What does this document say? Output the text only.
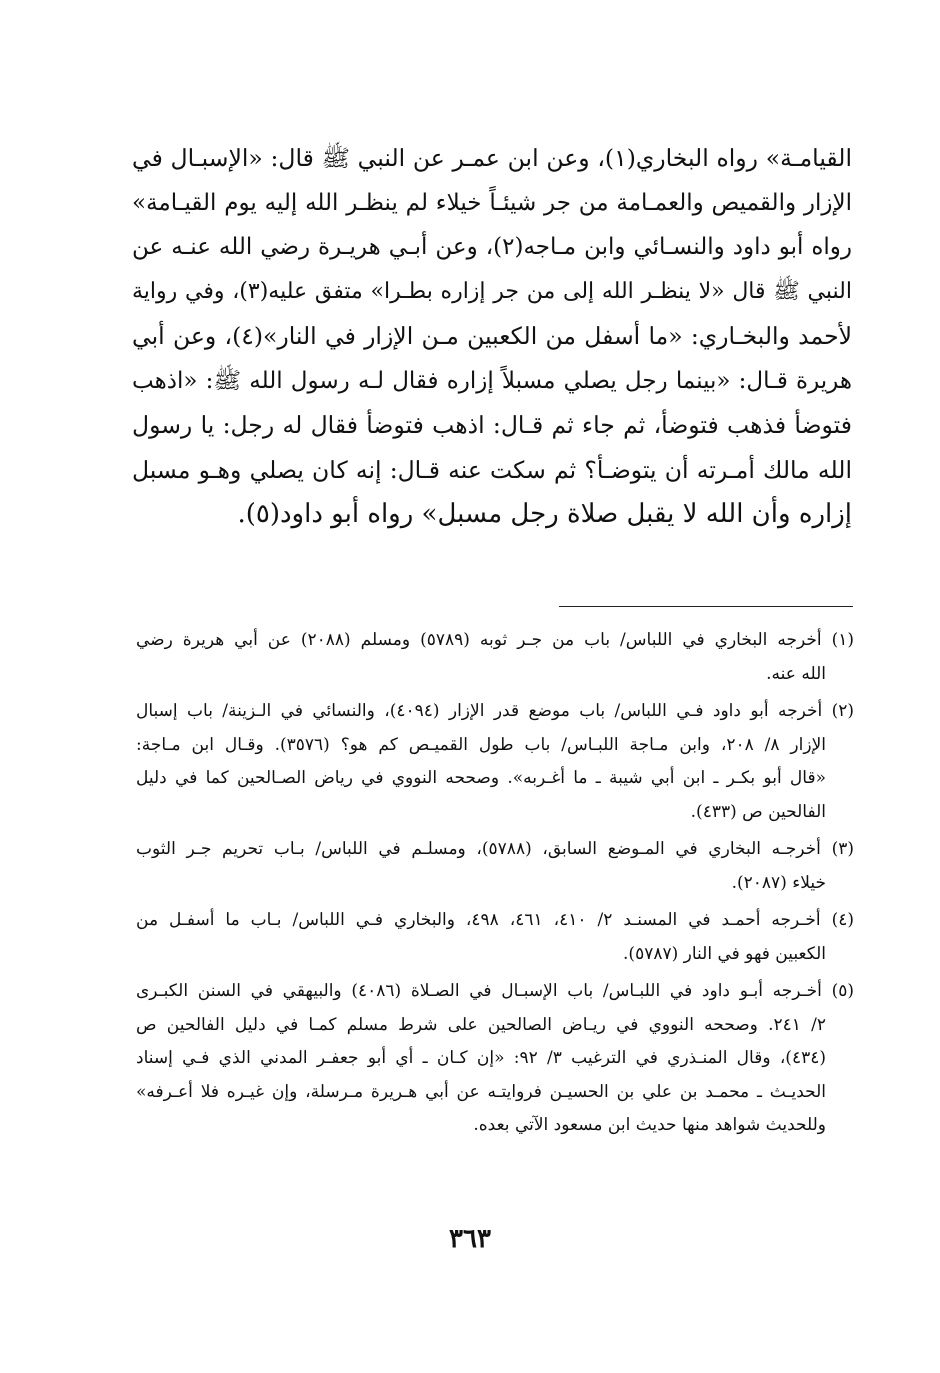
القيامـة» رواه البخاري(١)، وعن ابن عمـر عن النبي ﷺ قال: «الإسبـال في
الإزار والقميص والعمـامة من جر شيئـاً خيلاء لم ينظـر الله إليه يوم القيـامة»
رواه أبو داود والنسـائي وابن مـاجه(٢)، وعن أبـي هريـرة رضي الله عنـه عن
النبي ﷺ قال «لا ينظـر الله إلى من جر إزاره بطـرا» متفق عليه(٣)، وفي رواية
لأحمد والبخـاري: «ما أسفل من الكعبين مـن الإزار في النار»(٤)، وعن أبي
هريرة قـال: «بينما رجل يصلي مسبلاً إزاره فقال لـه رسول الله ﷺ: «اذهب
فتوضأ فذهب فتوضأ، ثم جاء ثم قـال: اذهب فتوضأ فقال له رجل: يا رسول
الله مالك أمـرته أن يتوضـأ؟ ثم سكت عنه قـال: إنه كان يصلي وهـو مسبل
إزاره وأن الله لا يقبل صلاة رجل مسبل» رواه أبو داود(٥).
(١) أخرجه البخاري في اللباس/ باب من جـر ثوبه (٥٧٨٩) ومسلم (٢٠٨٨) عن أبي هريرة رضي
الله عنه.
(٢) أخرجه أبو داود فـي اللباس/ باب موضع قدر الإزار (٤٠٩٤)، والنسائي في الـزينة/ باب إسبال
الإزار ٨/ ٢٠٨، وابن مـاجة اللبـاس/ باب طول القميـص كم هو؟ (٣٥٧٦). وقـال ابن مـاجة:
«قال أبو بكـر ـ ابن أبي شيبة ـ ما أغـربه». وصححه النووي في رياض الصـالحين كما في دليل
الفالحين ص (٤٣٣).
(٣) أخرجـه البخاري في المـوضع السابق، (٥٧٨٨)، ومسلـم في اللباس/ بـاب تحريم جـر الثوب
خيلاء (٢٠٨٧).
(٤) أخـرجه أحمـد في المسنـد ٢/ ٤١٠، ٤٦١، ٤٩٨، والبخاري فـي اللباس/ بـاب ما أسفـل من
الكعبين فهو في النار (٥٧٨٧).
(٥) أخـرجه أبـو داود في اللبـاس/ باب الإسبـال في الصـلاة (٤٠٨٦) والبيهقي في السنن الكبـرى
٢/ ٢٤١. وصححه النووي في ريـاض الصالحين على شرط مسلم كمـا في دليل الفالحين ص
(٤٣٤)، وقال المنـذري في الترغيب ٣/ ٩٢: «إن كـان ـ أي أبو جعفـر المدني الذي فـي إسناد
الحديـث ـ محمـد بن علي بن الحسيـن فروايتـه عن أبي هـريرة مـرسلة، وإن غيـره فلا أعـرفه»
وللحديث شواهد منها حديث ابن مسعود الآتي بعده.
٣٦٣
